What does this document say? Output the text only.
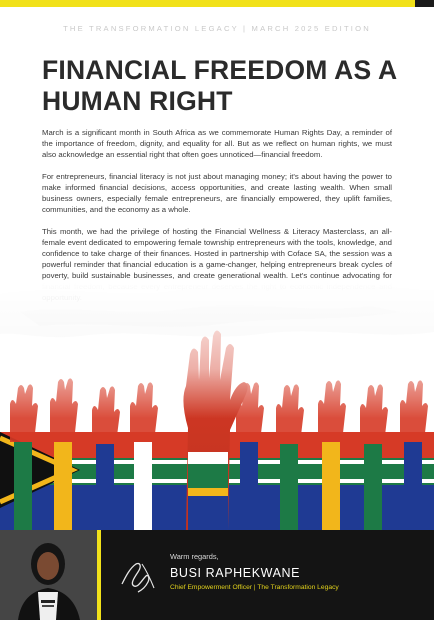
THE TRANSFORMATION LEGACY | MARCH 2025 EDITION
FINANCIAL FREEDOM AS A HUMAN RIGHT

March is a significant month in South Africa as we commemorate Human Rights Day, a reminder of the importance of freedom, dignity, and equality for all. But as we reflect on human rights, we must also acknowledge an essential right that often goes unnoticed—financial freedom.

For entrepreneurs, financial literacy is not just about managing money; it's about having the power to make informed financial decisions, access opportunities, and create lasting wealth. When small business owners, especially female entrepreneurs, are financially empowered, they uplift families, communities, and the economy as a whole.

This month, we had the privilege of hosting the Financial Wellness & Literacy Masterclass, an all-female event dedicated to empowering female township entrepreneurs with the tools, knowledge, and confidence to take charge of their finances. Hosted in partnership with Coface SA, the session was a powerful reminder that financial education is a game-changer, helping entrepreneurs break cycles of poverty, build sustainable businesses, and create generational wealth. Let's continue advocating for

Warm regards,
BUSI RAPHEKWANE
Chief Empowerment Officer | The Transformation Legacy
